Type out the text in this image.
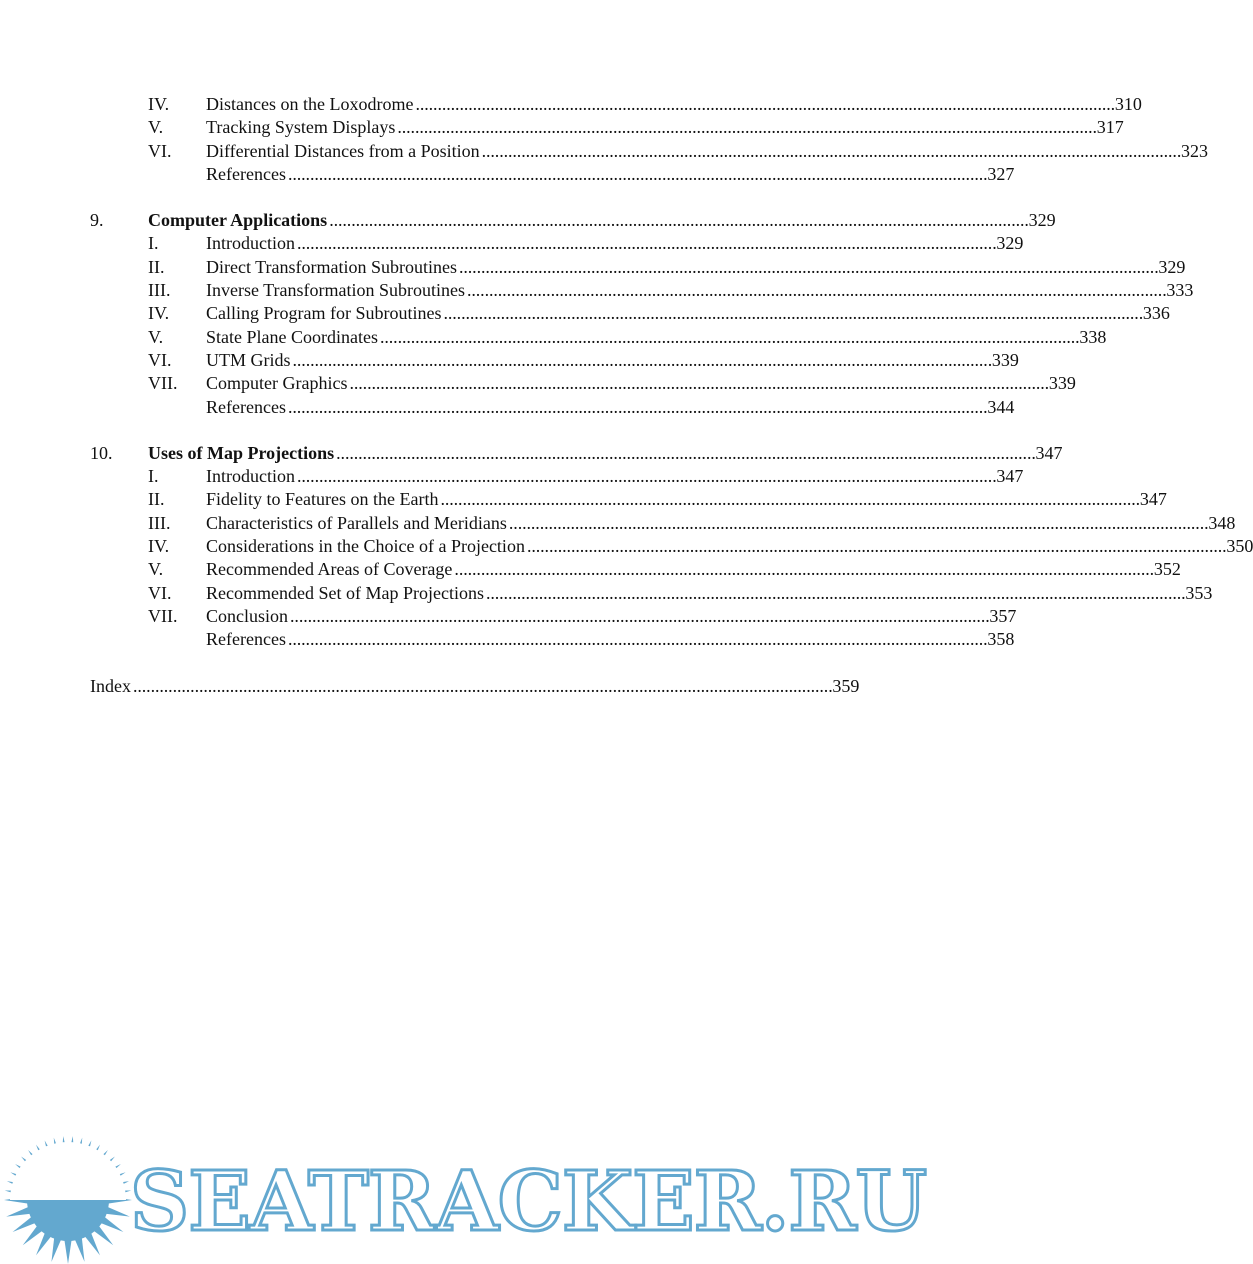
IV.	Distances on the Loxodrome . . .	310
V.	Tracking System Displays . . .	317
VI.	Differential Distances from a Position . . .	323
References . . .	327
9.	Computer Applications . . .	329
I.	Introduction . . .	329
II.	Direct Transformation Subroutines . . .	329
III.	Inverse Transformation Subroutines . . .	333
IV.	Calling Program for Subroutines . . .	336
V.	State Plane Coordinates . . .	338
VI.	UTM Grids . . .	339
VII.	Computer Graphics . . .	339
References . . .	344
10.	Uses of Map Projections . . .	347
I.	Introduction . . .	347
II.	Fidelity to Features on the Earth . . .	347
III.	Characteristics of Parallels and Meridians . . .	348
IV.	Considerations in the Choice of a Projection . . .	350
V.	Recommended Areas of Coverage . . .	352
VI.	Recommended Set of Map Projections . . .	353
VII.	Conclusion . . .	357
References . . .	358
Index . . .	359
SEATRACKER.RU
